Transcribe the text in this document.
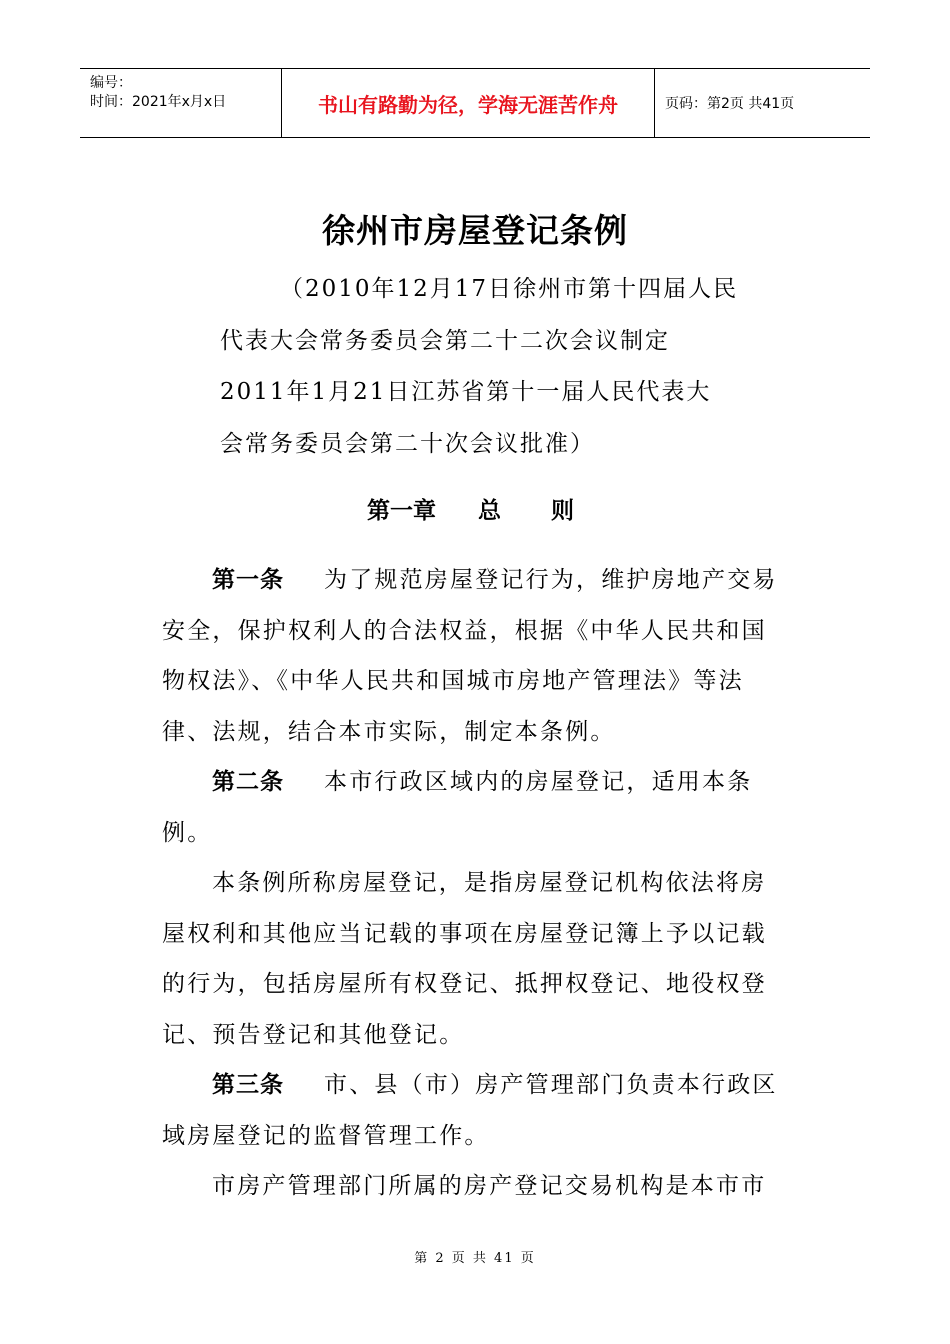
编号：
时间：2021年x月x日	书山有路勤为径，学海无涯苦作舟	页码：第2页 共41页
徐州市房屋登记条例
（2010年12月17日徐州市第十四届人民
代表大会常务委员会第二十二次会议制定
2011年1月21日江苏省第十一届人民代表大
会常务委员会第二十次会议批准）
第一章 总 则
第一条 为了规范房屋登记行为，维护房地产交易
安全，保护权利人的合法权益，根据《中华人民共和国
物权法》、《中华人民共和国城市房地产管理法》等法
律、法规，结合本市实际，制定本条例。
第二条 本市行政区域内的房屋登记，适用本条
例。
本条例所称房屋登记，是指房屋登记机构依法将房
屋权利和其他应当记载的事项在房屋登记簿上予以记载
的行为，包括房屋所有权登记、抵押权登记、地役权登
记、预告登记和其他登记。
第三条 市、县（市）房产管理部门负责本行政区
域房屋登记的监督管理工作。
市房产管理部门所属的房产登记交易机构是本市市
第 2 页 共 41 页
